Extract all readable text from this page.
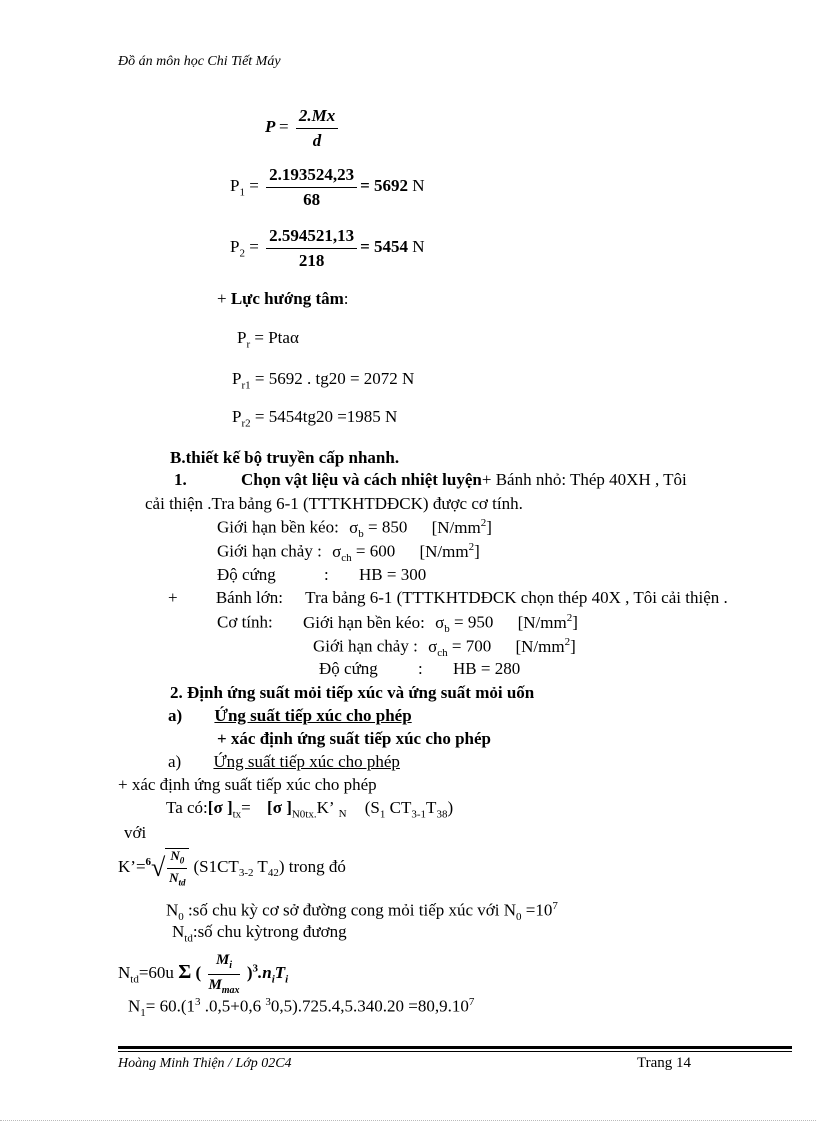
Đồ án môn học Chi Tiết Máy
$P = \frac{2.Mx}{d}$
$P_1 = \frac{2.193524,23}{68} = 5692$ N
$P_2 = \frac{2.594521,13}{218} = 5454$ N
+ Lực hướng tâm:
$P_r = Pta\alpha$
$P_{r1} = 5692$ . tg20 = 2072 N
$P_{r2} = 5454tg20 =1985$ N
B.thiết kế bộ truyền cấp nhanh.
1.	Chọn vật liệu và cách nhiệt luyện+ Bánh nhỏ: Thép 40XH , Tôi
cải thiện .Tra bảng 6-1 (TTTKHTDĐCK) được cơ tính.
Giới hạn bền kéo: $\sigma_b = 850$ $[N/mm^2]$
Giới hạn chảy : $\sigma_{ch} = 600$ $[N/mm^2]$
Độ cứng	: HB = 300
+ Bánh lớn: Tra bảng 6-1 (TTTKHTDĐCK chọn thép 40X , Tôi cải thiện .
Cơ tính: Giới hạn bền kéo: $\sigma_b = 950$ $[N/mm^2]$
Giới hạn chảy : $\sigma_{ch} = 700$ $[N/mm^2]$
Độ cứng : HB = 280
2. Định ứng suất mỏi tiếp xúc và ứng suất mỏi uốn
a) Ứng suất tiếp xúc cho phép
+ xác định ứng suất tiếp xúc cho phép
a) Ứng suất tiếp xúc cho phép
+ xác định ứng suất tiếp xúc cho phép
Ta có:[σ ]$_{tx}= [\sigma$ ]$_{N0tx.}K$’ $_N$ ($S_1$ $CT_{3-1}T_{38}$)
với
K’=$^6$√ $\frac{N_0}{N_{td}} (S1CT_{3-2}$ $T_{42}$) trong đó
$N_0$ :số chu kỳ cơ sở đường cong mỏi tiếp xúc với $N_0 =10^7$
$N_{td}:số$ chu kỳtrong đương
$N_{td}=60u$ Σ ( $\frac{M_i}{M_{max}} )^3.n_iT_i$
$N_1= 60.(1^3$ .0,5+0,6 $^30,5).725.4,5.340.20 =80,9.10^7$
Hoàng Minh Thiện / Lớp 02C4	Trang 14
